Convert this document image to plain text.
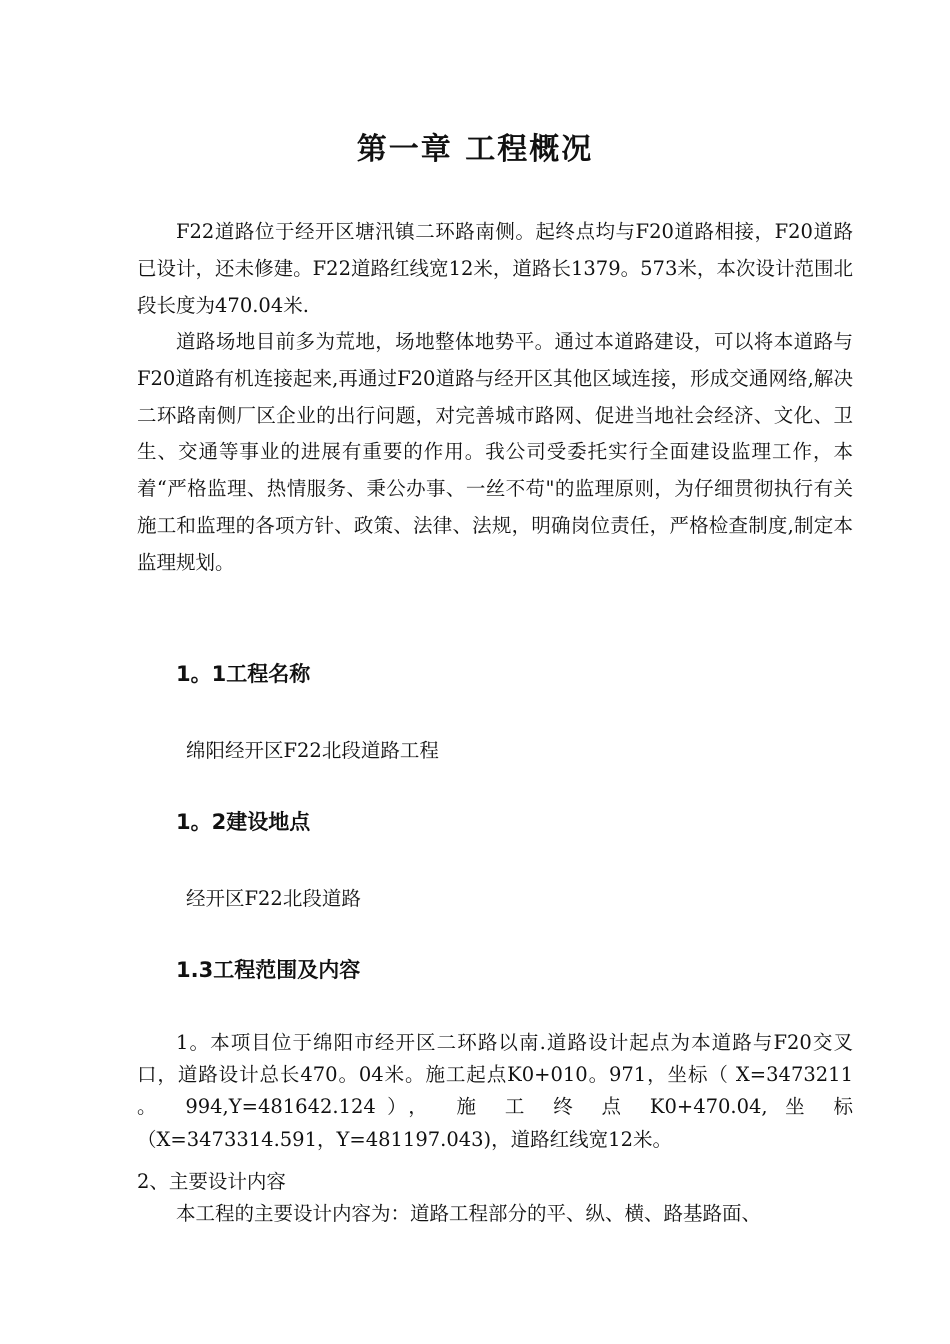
第一章 工程概况

F22道路位于经开区塘汛镇二环路南侧。起终点均与F20道路相接，F20道路已设计，还未修建。F22道路红线宽12米，道路长1379。573米，本次设计范围北段长度为470.04米.

道路场地目前多为荒地，场地整体地势平。通过本道路建设，可以将本道路与F20道路有机连接起来,再通过F20道路与经开区其他区域连接，形成交通网络,解决二环路南侧厂区企业的出行问题，对完善城市路网、促进当地社会经济、文化、卫生、交通等事业的进展有重要的作用。我公司受委托实行全面建设监理工作，本着“严格监理、热情服务、秉公办事、一丝不苟"的监理原则，为仔细贯彻执行有关施工和监理的各项方针、政策、法律、法规，明确岗位责任，严格检查制度,制定本监理规划。

1。1工程名称

绵阳经开区F22北段道路工程

1。2建设地点

经开区F22北段道路

1.3工程范围及内容

1。本项目位于绵阳市经开区二环路以南.道路设计起点为本道路与F20交叉口，道路设计总长470。04米。施工起点K0+010。971，坐标（ X=3473211 。 994,Y=481642.124）， 施 工 终 点 K0+470.04, 坐 标（X=3473314.591，Y=481197.043)，道路红线宽12米。

2、主要设计内容

本工程的主要设计内容为：道路工程部分的平、纵、横、路基路面、
